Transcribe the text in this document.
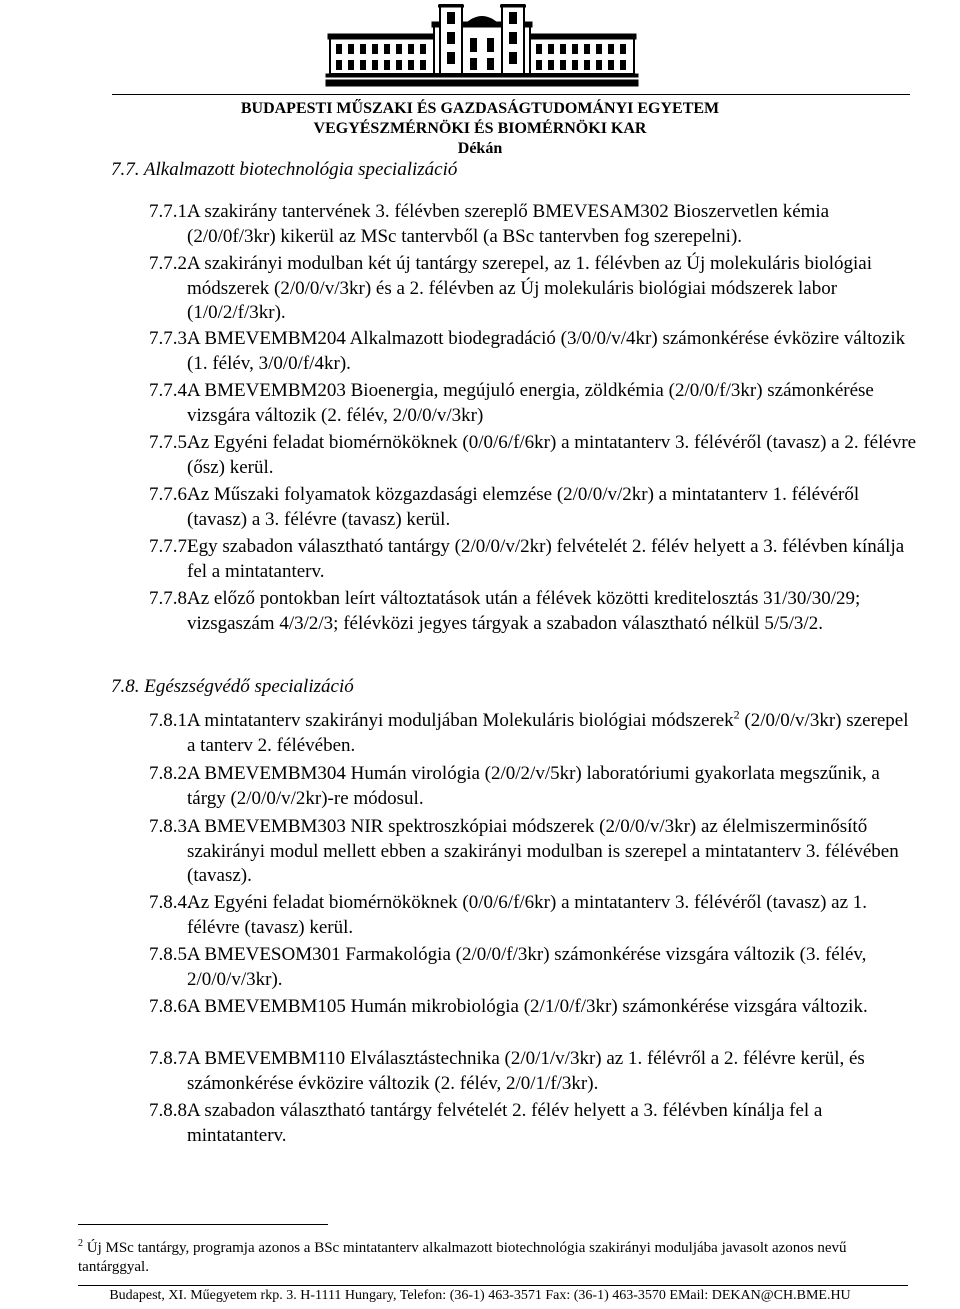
BUDAPESTI MŰSZAKI ÉS GAZDASÁGTUDOMÁNYI EGYETEM
VEGYÉSZMÉRNÖKI ÉS BIOMÉRNÖKI KAR
Dékán
7.7. Alkalmazott biotechnológia specializáció
7.7.1.
A szakirány tantervének 3. félévben szereplő BMEVESAM302 Bioszervetlen kémia (2/0/0f/3kr) kikerül az MSc tantervből (a BSc tantervben fog szerepelni).
7.7.2.
A szakirányi modulban két új tantárgy szerepel, az 1. félévben az Új molekuláris biológiai módszerek (2/0/0/v/3kr) és a 2. félévben az Új molekuláris biológiai módszerek labor (1/0/2/f/3kr).
7.7.3.
A BMEVEMBM204 Alkalmazott biodegradáció (3/0/0/v/4kr) számonkérése évközire változik (1. félév, 3/0/0/f/4kr).
7.7.4.
A BMEVEMBM203 Bioenergia, megújuló energia, zöldkémia (2/0/0/f/3kr) számonkérése vizsgára változik (2. félév, 2/0/0/v/3kr)
7.7.5.
Az Egyéni feladat biomérnököknek (0/0/6/f/6kr) a mintatanterv 3. félévéről (tavasz) a 2. félévre (ősz) kerül.
7.7.6.
Az Műszaki folyamatok közgazdasági elemzése (2/0/0/v/2kr) a mintatanterv 1. félévéről (tavasz) a 3. félévre (tavasz) kerül.
7.7.7.
Egy szabadon választható tantárgy (2/0/0/v/2kr) felvételét 2. félév helyett a 3. félévben kínálja fel a mintatanterv.
7.7.8.
Az előző pontokban leírt változtatások után a félévek közötti kreditelosztás 31/30/30/29; vizsgaszám 4/3/2/3; félévközi jegyes tárgyak a szabadon választható nélkül 5/5/3/2.
7.8. Egészségvédő specializáció
7.8.1.
A mintatanterv szakirányi moduljában Molekuláris biológiai módszerek$^2$ (2/0/0/v/3kr) szerepel a tanterv 2. félévében.
7.8.2.
A BMEVEMBM304 Humán virológia (2/0/2/v/5kr) laboratóriumi gyakorlata megszűnik, a tárgy (2/0/0/v/2kr)-re módosul.
7.8.3.
A BMEVEMBM303 NIR spektroszkópiai módszerek (2/0/0/v/3kr) az élelmiszerminősítő szakirányi modul mellett ebben a szakirányi modulban is szerepel a mintatanterv 3. félévében (tavasz).
7.8.4.
Az Egyéni feladat biomérnököknek (0/0/6/f/6kr) a mintatanterv 3. félévéről (tavasz) az 1. félévre (tavasz) kerül.
7.8.5.
A BMEVESOM301 Farmakológia (2/0/0/f/3kr) számonkérése vizsgára változik (3. félév, 2/0/0/v/3kr).
7.8.6.
A BMEVEMBM105 Humán mikrobiológia (2/1/0/f/3kr) számonkérése vizsgára változik.
7.8.7.
A BMEVEMBM110 Elválasztástechnika (2/0/1/v/3kr) az 1. félévről a 2. félévre kerül, és számonkérése évközire változik (2. félév, 2/0/1/f/3kr).
7.8.8.
A szabadon választható tantárgy felvételét 2. félév helyett a 3. félévben kínálja fel a mintatanterv.
$^2$ Új MSc tantárgy, programja azonos a BSc mintatanterv alkalmazott biotechnológia szakirányi moduljába javasolt azonos nevű tantárggyal.
Budapest, XI. Műegyetem rkp. 3. H-1111 Hungary, Telefon: (36-1) 463-3571 Fax: (36-1) 463-3570 EMail: DEKAN@CH.BME.HU
